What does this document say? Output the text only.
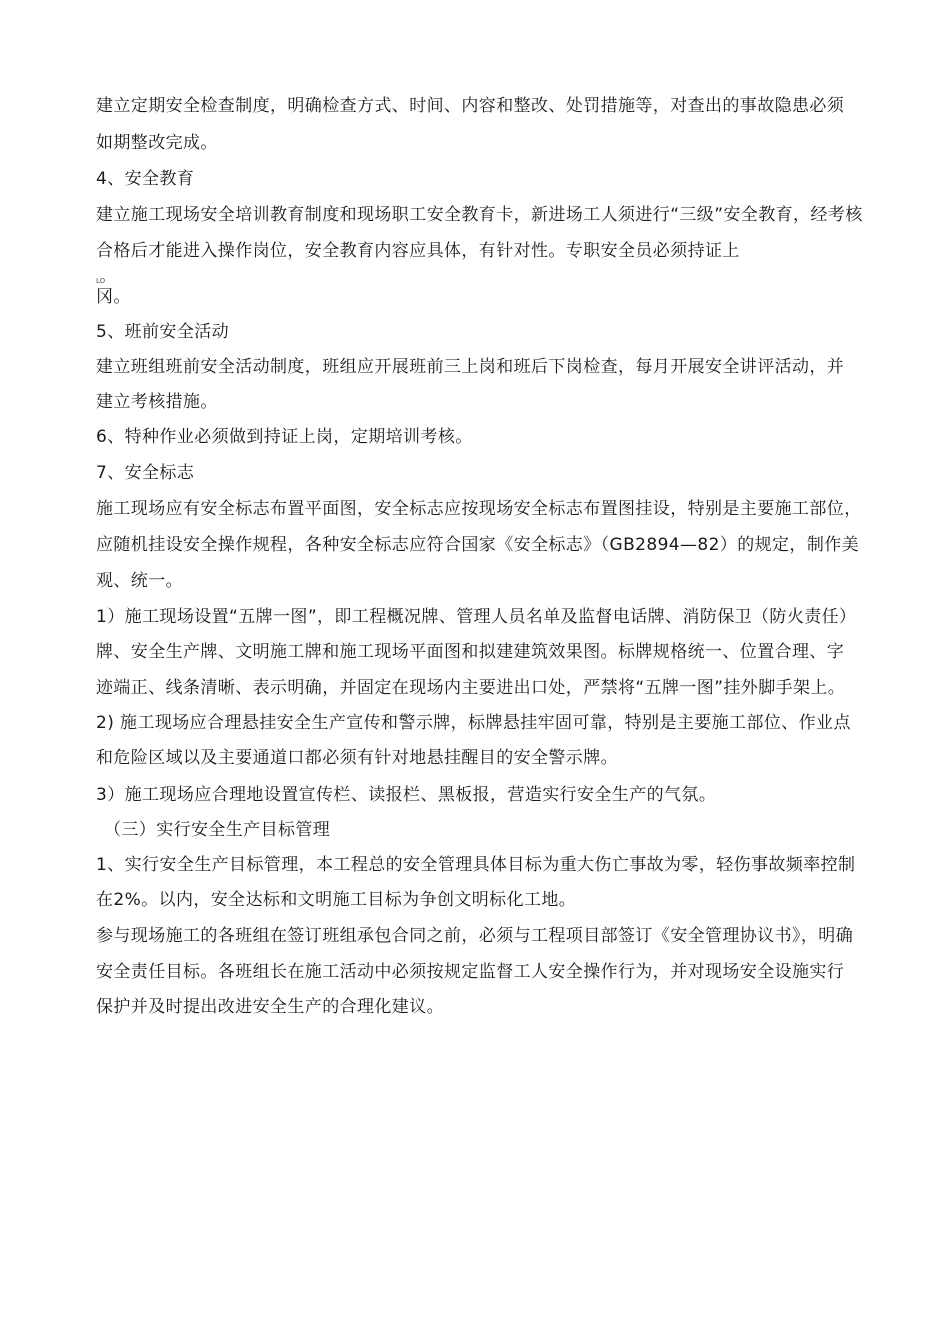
建立定期安全检查制度，明确检查方式、时间、内容和整改、处罚措施等，对查出的事故隐患必须
如期整改完成。
4、安全教育
建立施工现场安全培训教育制度和现场职工安全教育卡，新进场工人须进行“三级”安全教育，经考核
合格后才能进入操作岗位，安全教育内容应具体，有针对性。专职安全员必须持证上
LO
冈。
5、班前安全活动
建立班组班前安全活动制度，班组应开展班前三上岗和班后下岗检查，每月开展安全讲评活动，并
建立考核措施。
6、特种作业必须做到持证上岗，定期培训考核。
7、安全标志
施工现场应有安全标志布置平面图，安全标志应按现场安全标志布置图挂设，特别是主要施工部位，
应随机挂设安全操作规程，各种安全标志应符合国家《安全标志》（GB2894—82）的规定，制作美
观、统一。
1）施工现场设置“五牌一图”，即工程概况牌、管理人员名单及监督电话牌、消防保卫（防火责任）
牌、安全生产牌、文明施工牌和施工现场平面图和拟建建筑效果图。标牌规格统一、位置合理、字
迹端正、线条清晰、表示明确，并固定在现场内主要进出口处，严禁将“五牌一图”挂外脚手架上。
2) 施工现场应合理悬挂安全生产宣传和警示牌，标牌悬挂牢固可靠，特别是主要施工部位、作业点
和危险区域以及主要通道口都必须有针对地悬挂醒目的安全警示牌。
3）施工现场应合理地设置宣传栏、读报栏、黑板报，营造实行安全生产的气氛。
（三）实行安全生产目标管理
1、实行安全生产目标管理，本工程总的安全管理具体目标为重大伤亡事故为零，轻伤事故频率控制
在2%。以内，安全达标和文明施工目标为争创文明标化工地。
参与现场施工的各班组在签订班组承包合同之前，必须与工程项目部签订《安全管理协议书》，明确
安全责任目标。各班组长在施工活动中必须按规定监督工人安全操作行为，并对现场安全设施实行
保护并及时提出改进安全生产的合理化建议。
